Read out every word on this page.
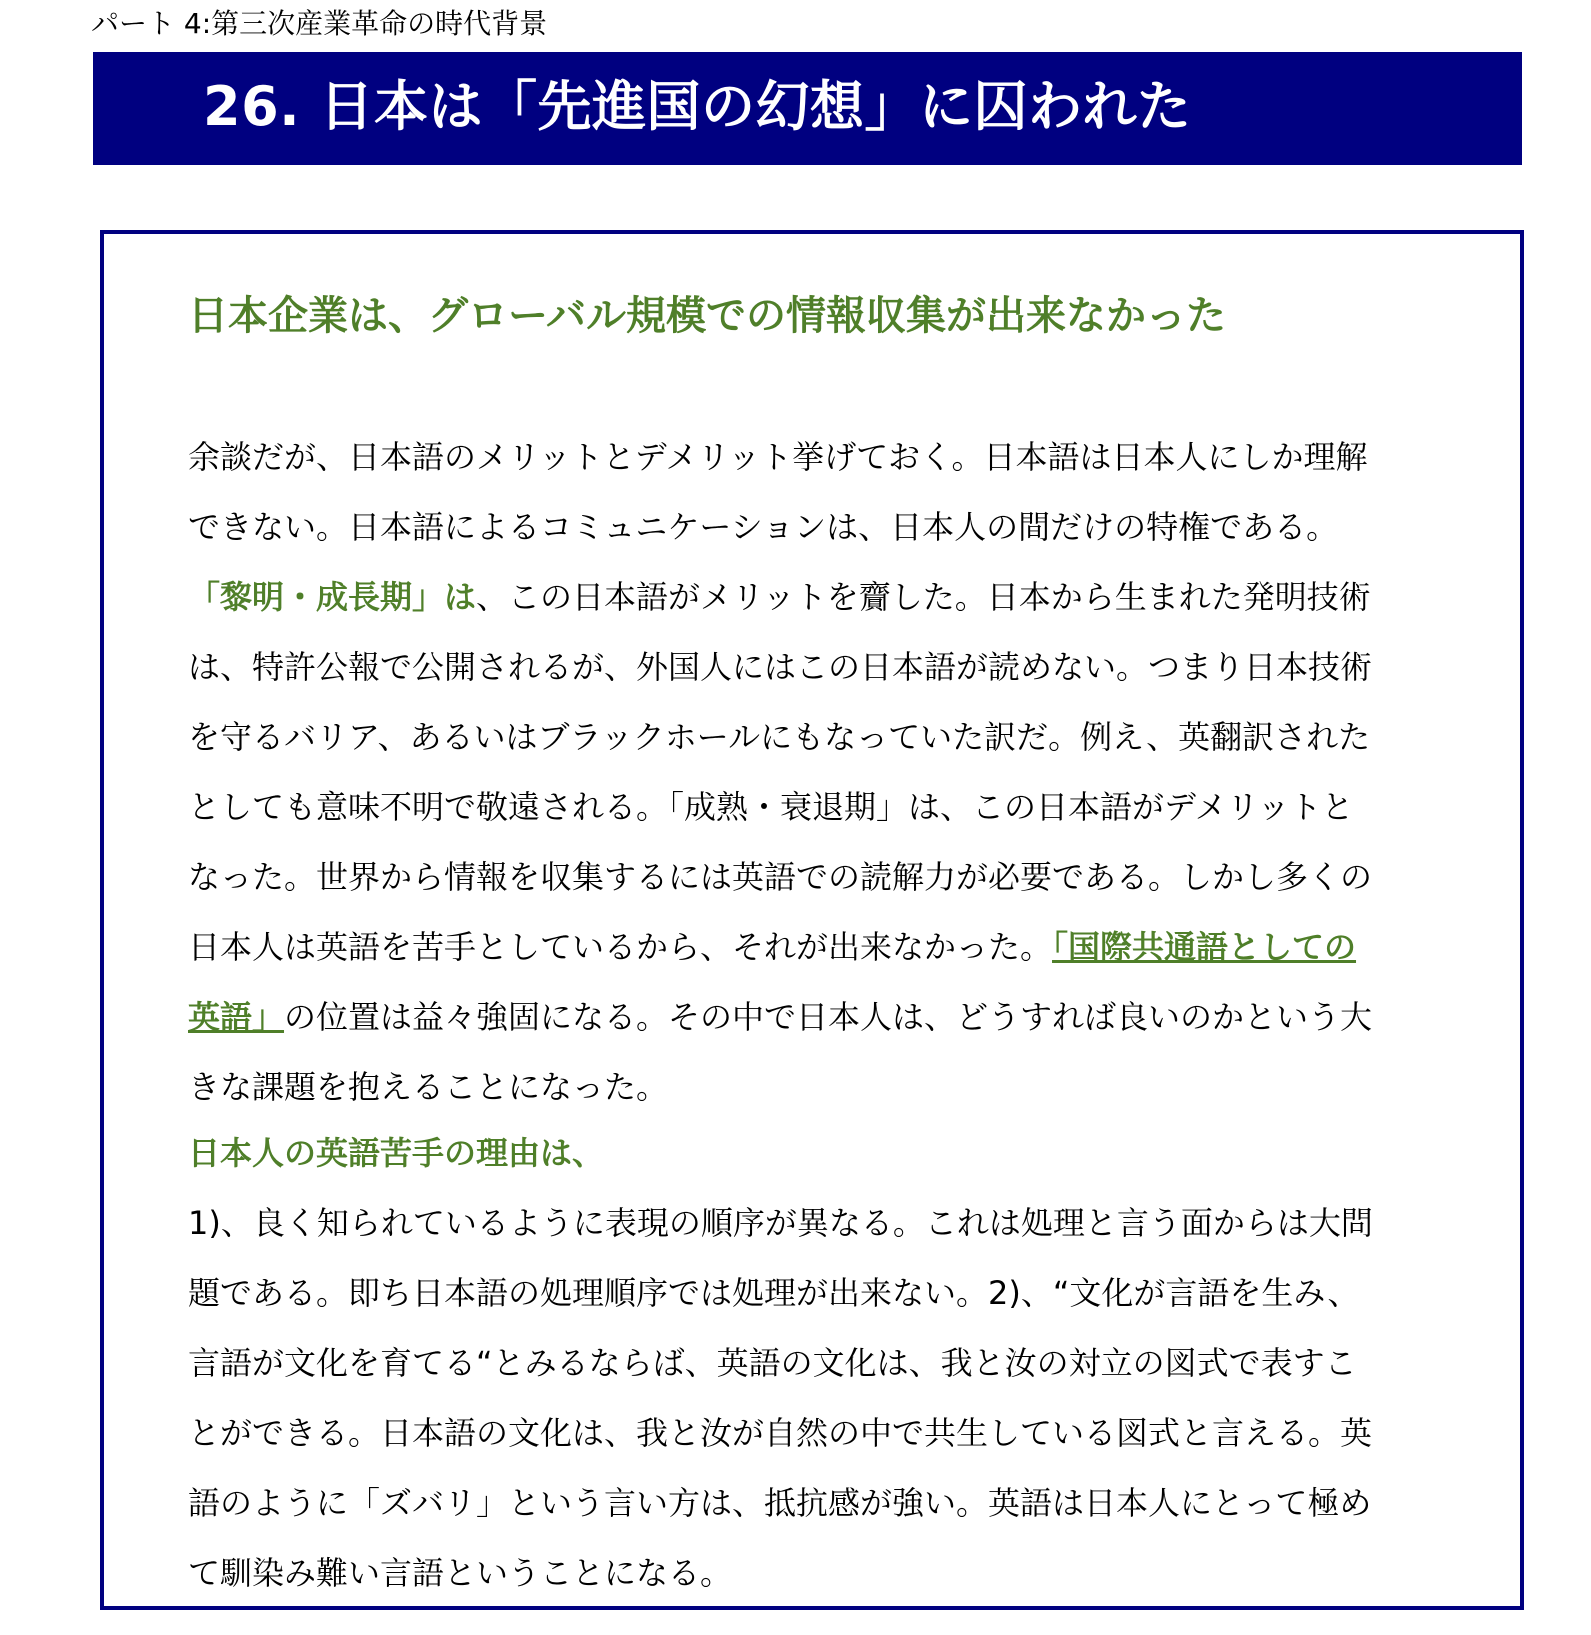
パート 4:第三次産業革命の時代背景
26. 日本は「先進国の幻想」に囚われた
日本企業は、グローバル規模での情報収集が出来なかった
余談だが、日本語のメリットとデメリット挙げておく。日本語は日本人にしか理解できない。日本語によるコミュニケーションは、日本人の間だけの特権である。「黎明・成長期」は、この日本語がメリットを齎した。日本から生まれた発明技術は、特許公報で公開されるが、外国人にはこの日本語が読めない。つまり日本技術を守るバリア、あるいはブラックホールにもなっていた訳だ。例え、英翻訳されたとしても意味不明で敬遠される。「成熟・衰退期」は、この日本語がデメリットとなった。世界から情報を収集するには英語での読解力が必要である。しかし多くの日本人は英語を苦手としているから、それが出来なかった。「国際共通語としての英語」の位置は益々強固になる。その中で日本人は、どうすれば良いのかという大きな課題を抱えることになった。
日本人の英語苦手の理由は、
1)、良く知られているように表現の順序が異なる。これは処理と言う面からは大問題である。即ち日本語の処理順序では処理が出来ない。2)、“文化が言語を生み、言語が文化を育てる“とみるならば、英語の文化は、我と汝の対立の図式で表すことができる。日本語の文化は、我と汝が自然の中で共生している図式と言える。英語のように「ズバリ」という言い方は、抵抗感が強い。英語は日本人にとって極めて馴染み難い言語ということになる。
